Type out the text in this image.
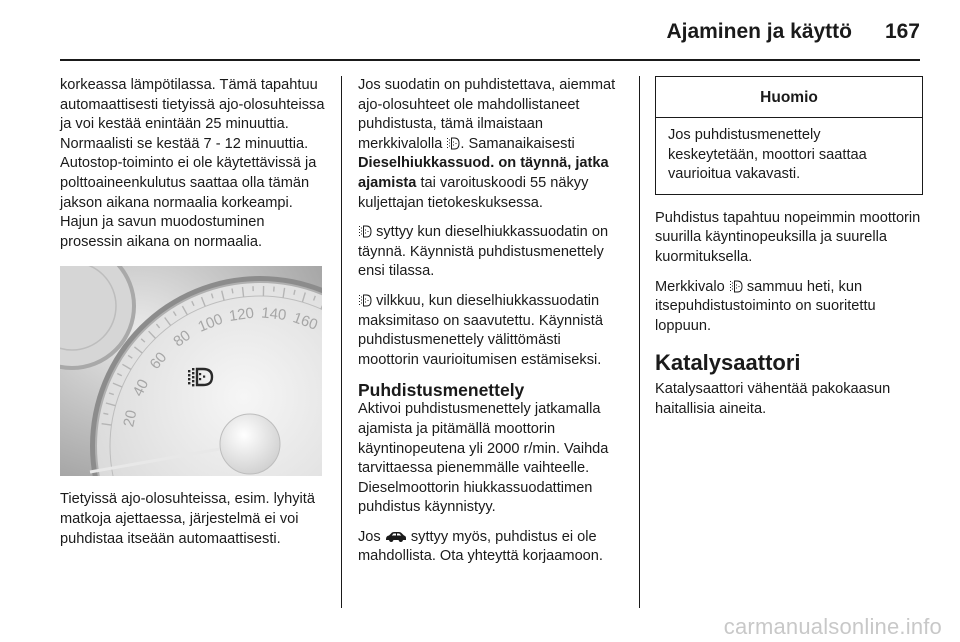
Ajaminen ja käyttö 167

korkeassa lämpötilassa. Tämä tapahtuu automaattisesti tietyissä ajo-olosuhteissa ja voi kestää enintään 25 minuuttia. Normaalisti se kestää 7 - 12 minuuttia. Autostop-toiminto ei ole käytettävissä ja polttoaineenkulutus saattaa olla tämän jakson aikana normaalia korkeampi. Hajun ja savun muodostuminen prosessin aikana on normaalia.

20
40
60
80
100 120 140 160

Tietyissä ajo-olosuhteissa, esim. lyhyitä matkoja ajettaessa, järjestelmä ei voi puhdistaa itseään automaattisesti.

Jos suodatin on puhdistettava, aiemmat ajo-olosuhteet ole mahdollistaneet puhdistusta, tämä ilmaistaan merkkivalolla . Samanaikaisesti Dieselhiukkassuod. on täynnä, jatka ajamista tai varoituskoodi 55 näkyy kuljettajan tietokeskuksessa.

syttyy kun dieselhiukkassuodatin on täynnä. Käynnistä puhdistusmenettely ensi tilassa.

vilkkuu, kun dieselhiukkassuodatin maksimitaso on saavutettu. Käynnistä puhdistusmenettely välittömästi moottorin vaurioitumisen estämiseksi.

Puhdistusmenettely

Aktivoi puhdistusmenettely jatkamalla ajamista ja pitämällä moottorin käyntinopeutena yli 2000 r/min. Vaihda tarvittaessa pienemmälle vaihteelle. Dieselmoottorin hiukkassuodattimen puhdistus käynnistyy.

Jos syttyy myös, puhdistus ei ole mahdollista. Ota yhteyttä korjaamoon.

Huomio
Jos puhdistusmenettely keskeytetään, moottori saattaa vaurioitua vakavasti.

Puhdistus tapahtuu nopeimmin moottorin suurilla käyntinopeuksilla ja suurella kuormituksella.

Merkkivalo sammuu heti, kun itsepuhdistustoiminto on suoritettu loppuun.

Katalysaattori

Katalysaattori vähentää pakokaasun haitallisia aineita.

carmanualsonline.info
